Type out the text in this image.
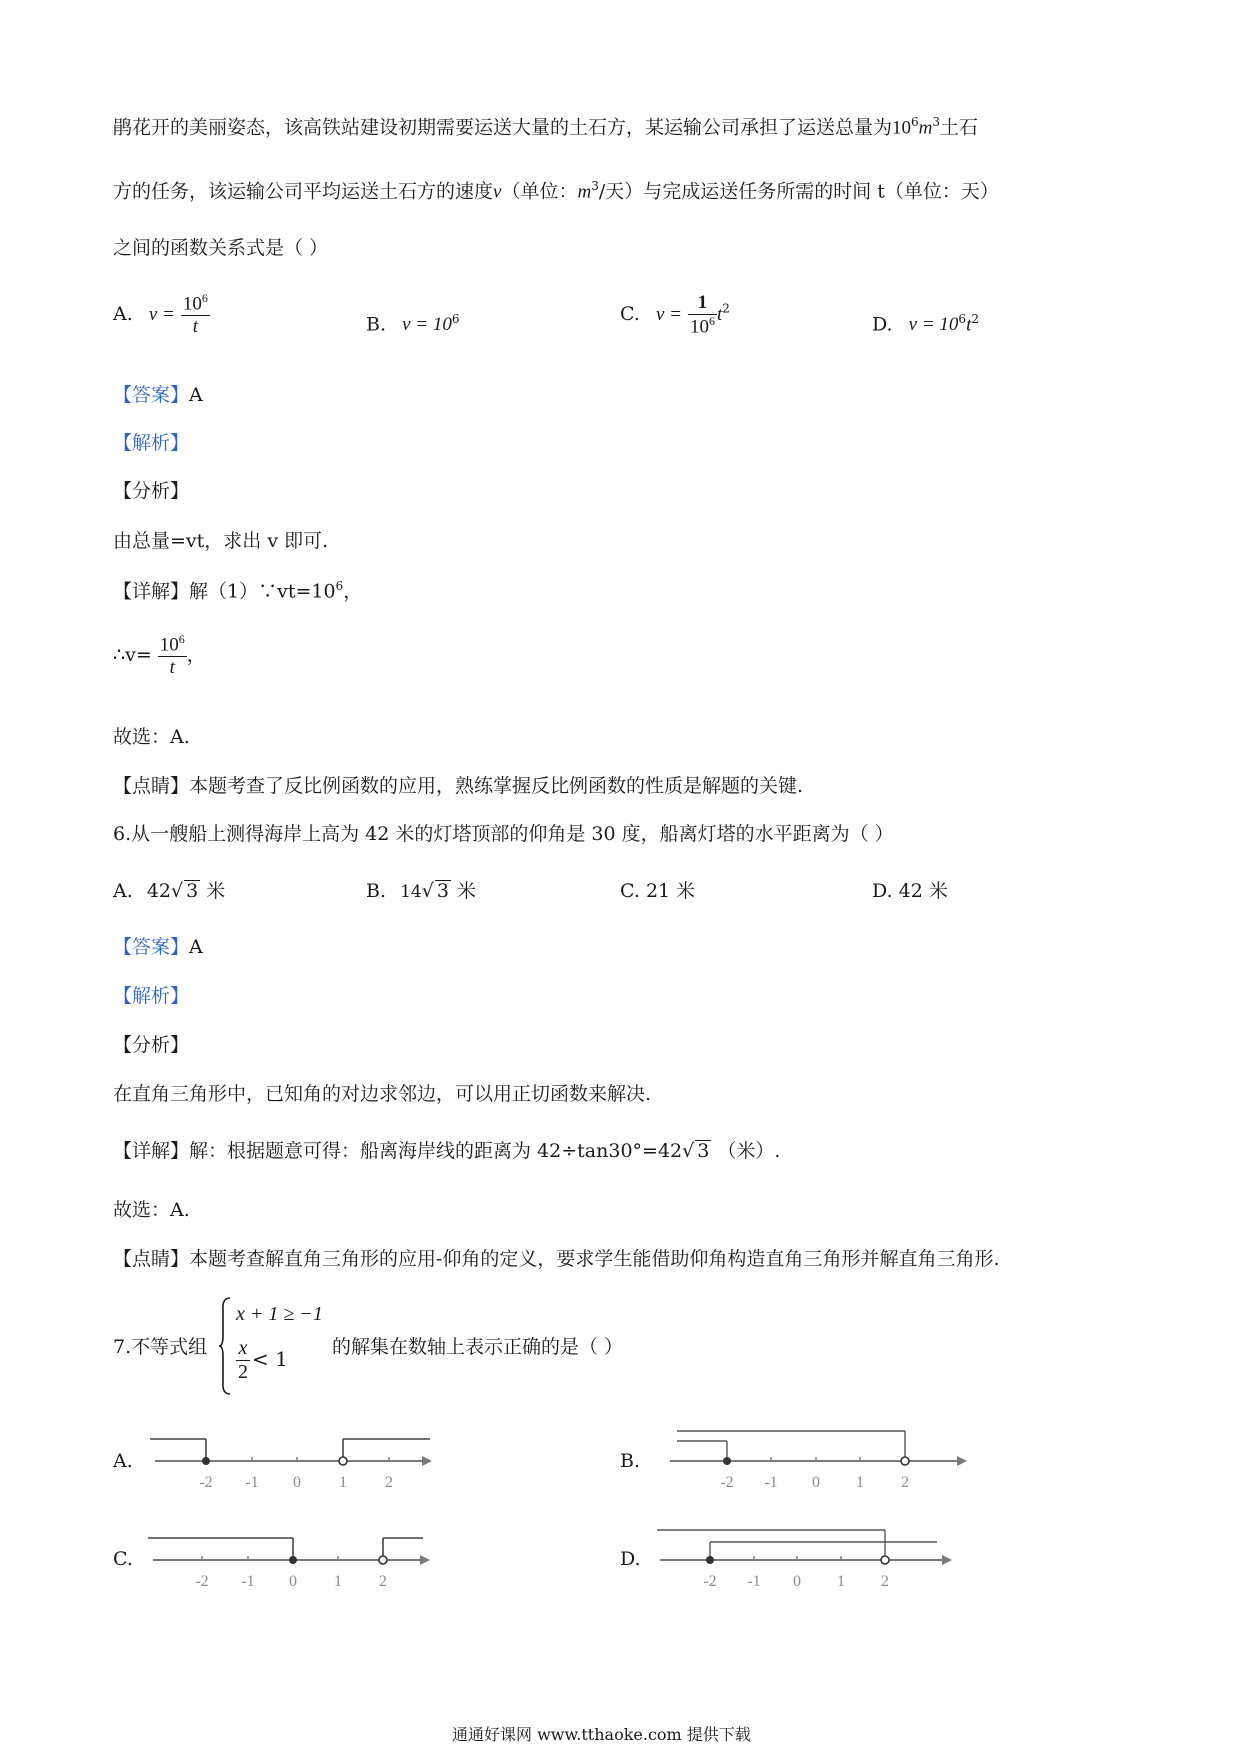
鹃花开的美丽姿态，该高铁站建设初期需要运送大量的土石方，某运输公司承担了运送总量为$10^6m^3$土石
方的任务，该运输公司平均运送土石方的速度v（单位：$m^3/$天）与完成运送任务所需的时间 t（单位：天）
之间的函数关系式是（ ）
A. $v = \frac{10^6}{t}$	B. $v = 10^6$	C. $v = \frac{1}{10^6} t^2$
D. $v = 10^6t^2$
【答案】A
【解析】
【分析】
由总量=vt，求出 v 即可.
【详解】解$(1)\because vt=10^6$，
∴v= $\frac{10^6}{t}$ ，
故选：A.
【点睛】本题考查了反比例函数的应用，熟练掌握反比例函数的性质是解题的关键.
6.从一艘船上测得海岸上高为 42 米的灯塔顶部的仰角是 30 度，船离灯塔的水平距离为（ ）
A. 42√ 3 米	B. 14√ 3 米	C. 21 米	D. 42 米
【答案】A
【解析】
【分析】
在直角三角形中，已知角的对边求邻边，可以用正切函数来解决.
【详解】解：根据题意可得：船离海岸线的距离为 42÷tan30°=42√ 3 （米）.
故选：A.
【点睛】本题考查解直角三角形的应用-仰角的定义，要求学生能借助仰角构造直角三角形并解直角三角形.
7.不等式组
x + 1 ≥ −1
$\frac{x}{2} < 1$ 的解集在数轴上表示正确的是（ ）
A.	B.
C.	D.
-2 -1 0 1 2	-2 -1 0 1 2
-2 -1 0 1 2	-2 -1 0 1 2
通通好课网 www.tthaoke.com 提供下载
